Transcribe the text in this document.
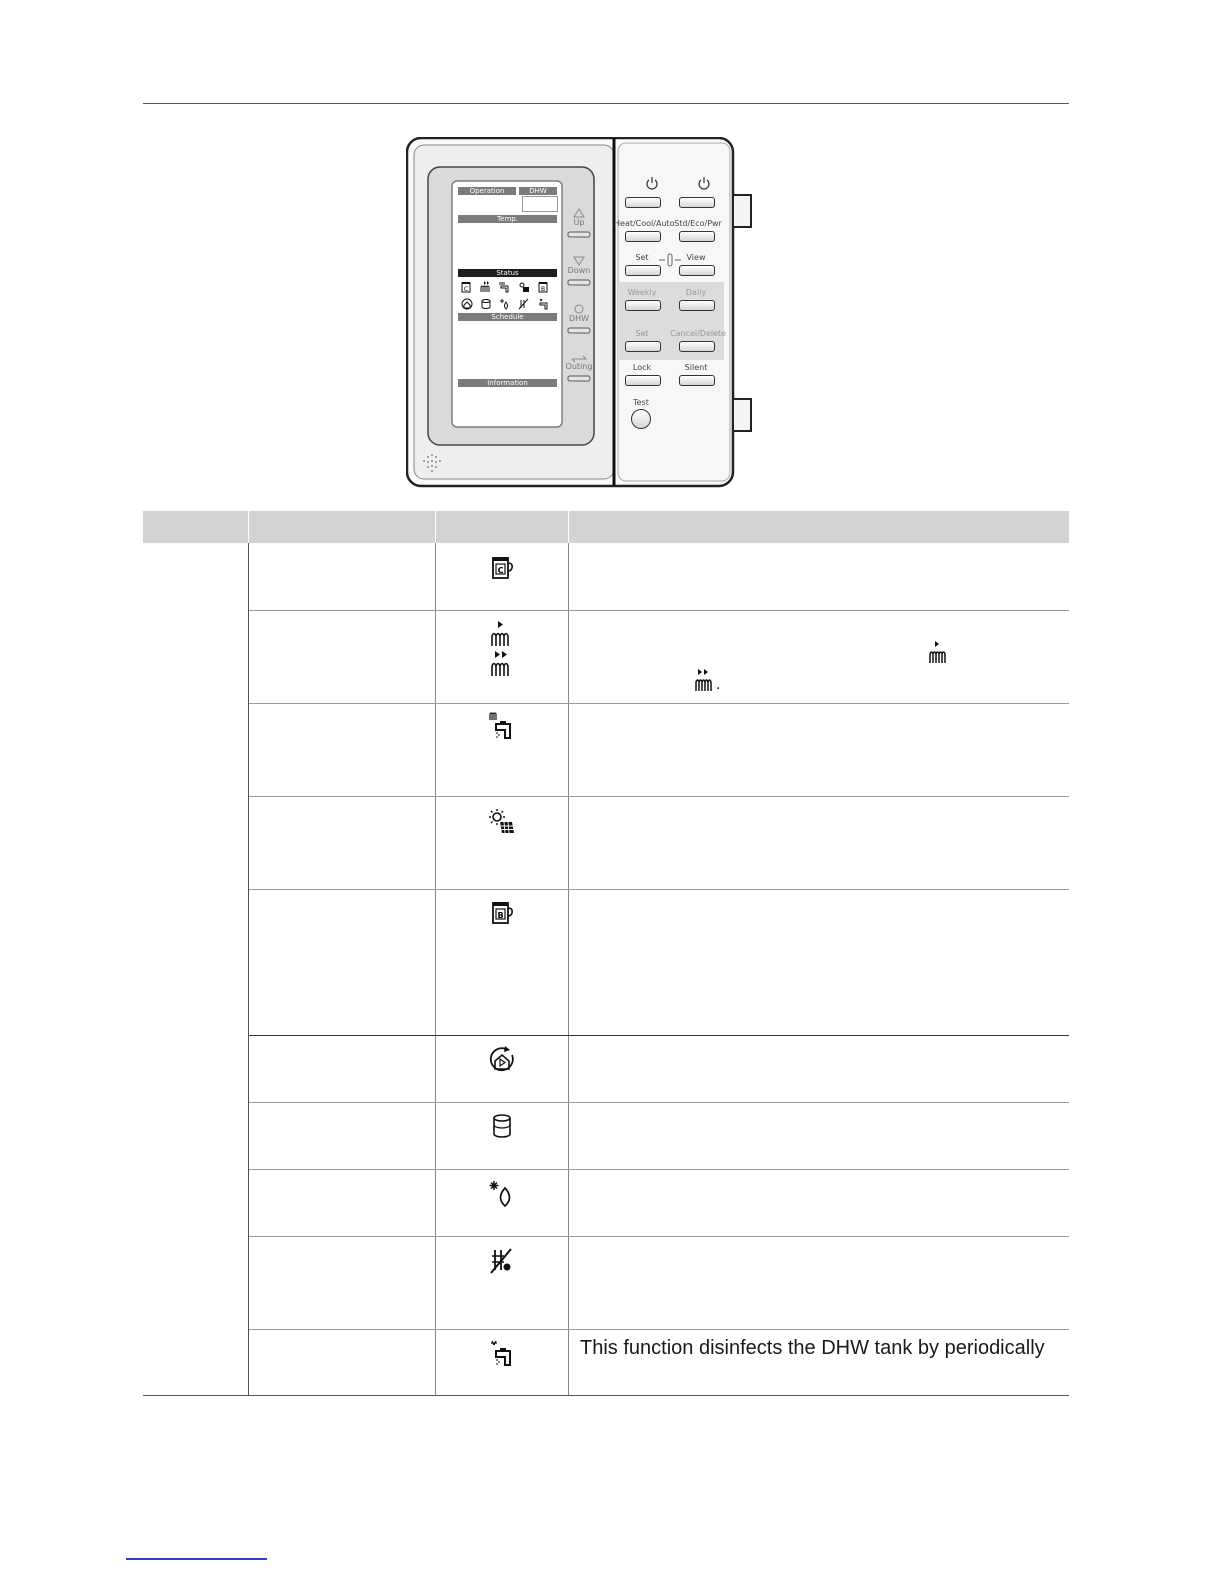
Operation	DHW
Temp.
Status
Schedule
Information
C	B
Up
Down
DHW
Outing
Heat/Cool/Auto Std/Eco/Pwr
Set	View
Weekly	Daily
Set	Cancel/Delete
Lock	Silent
Test
C
B
.
This function disinfects the DHW tank by periodically
